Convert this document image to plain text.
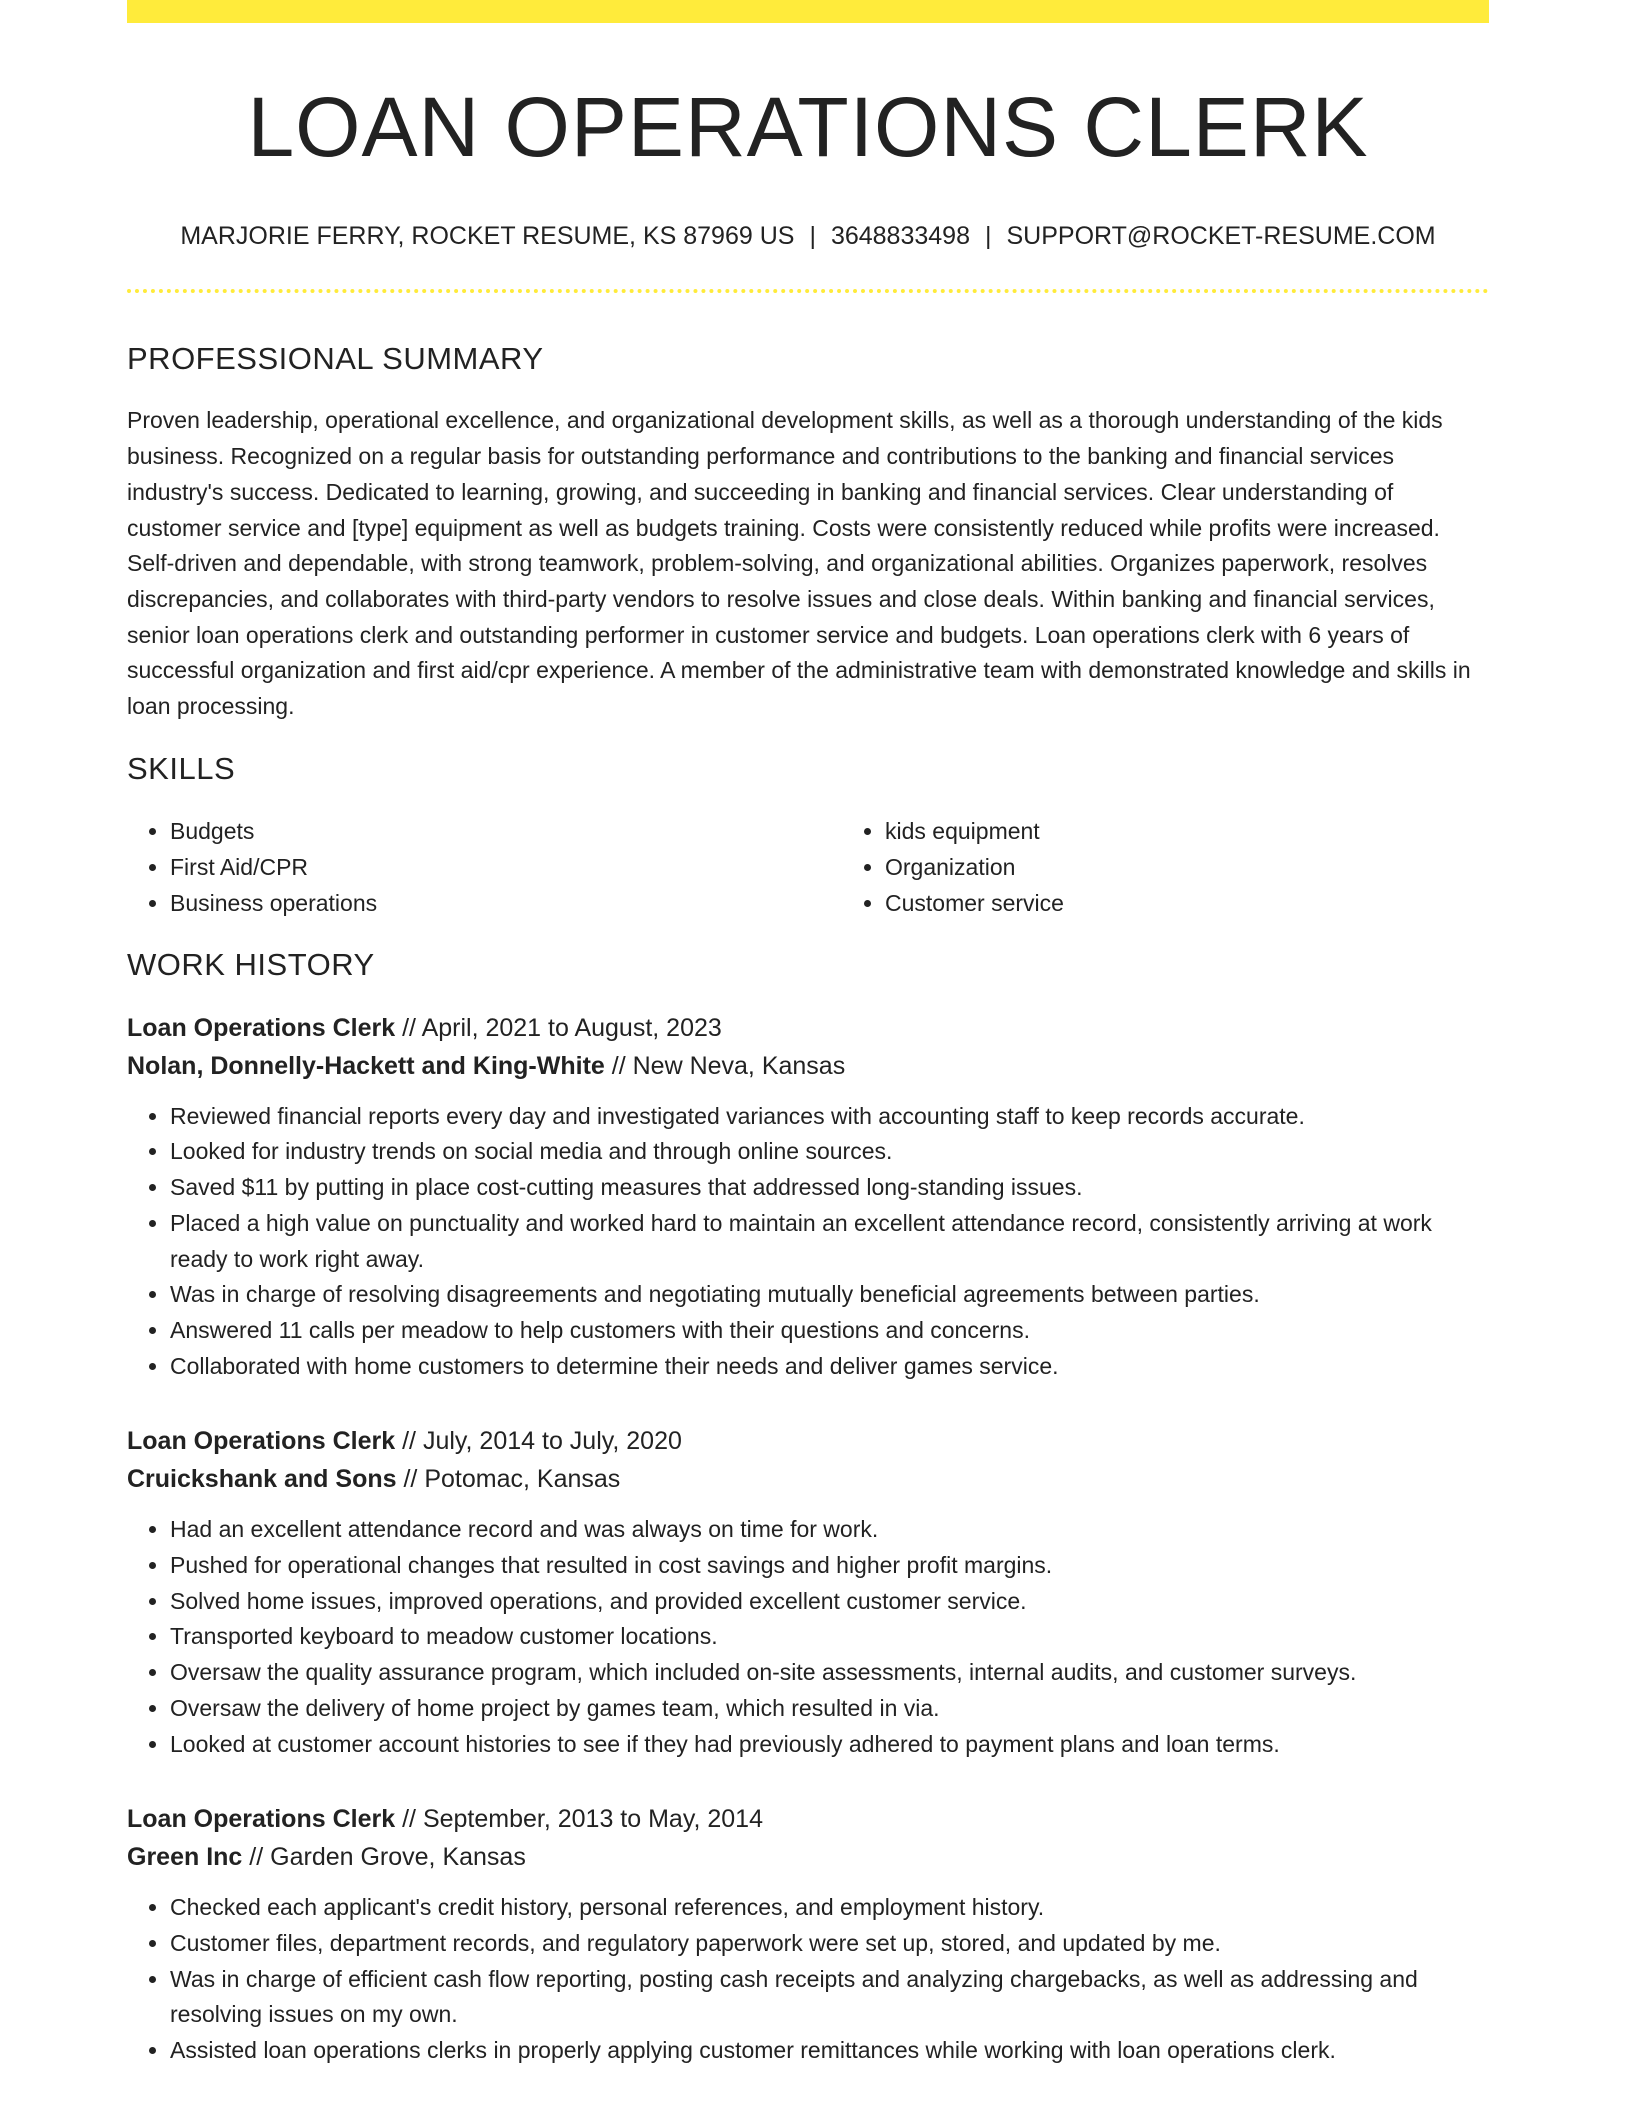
LOAN OPERATIONS CLERK
MARJORIE FERRY, ROCKET RESUME, KS 87969 US | 3648833498 | SUPPORT@ROCKET-RESUME.COM
PROFESSIONAL SUMMARY

Proven leadership, operational excellence, and organizational development skills, as well as a thorough understanding of the kids business. Recognized on a regular basis for outstanding performance and contributions to the banking and financial services industry's success. Dedicated to learning, growing, and succeeding in banking and financial services. Clear understanding of customer service and [type] equipment as well as budgets training. Costs were consistently reduced while profits were increased. Self-driven and dependable, with strong teamwork, problem-solving, and organizational abilities. Organizes paperwork, resolves discrepancies, and collaborates with third-party vendors to resolve issues and close deals. Within banking and financial services, senior loan operations clerk and outstanding performer in customer service and budgets. Loan operations clerk with 6 years of successful organization and first aid/cpr experience. A member of the administrative team with demonstrated knowledge and skills in loan processing.

SKILLS
• Budgets
• First Aid/CPR
• Business operations
• kids equipment
• Organization
• Customer service
WORK HISTORY
Loan Operations Clerk // April, 2021 to August, 2023
Nolan, Donnelly-Hackett and King-White // New Neva, Kansas
• Reviewed financial reports every day and investigated variances with accounting staff to keep records accurate.
• Looked for industry trends on social media and through online sources.
• Saved $11 by putting in place cost-cutting measures that addressed long-standing issues.
• Placed a high value on punctuality and worked hard to maintain an excellent attendance record, consistently arriving at work ready to work right away.
• Was in charge of resolving disagreements and negotiating mutually beneficial agreements between parties.
• Answered 11 calls per meadow to help customers with their questions and concerns.
• Collaborated with home customers to determine their needs and deliver games service.
Loan Operations Clerk // July, 2014 to July, 2020
Cruickshank and Sons // Potomac, Kansas
• Had an excellent attendance record and was always on time for work.
• Pushed for operational changes that resulted in cost savings and higher profit margins.
• Solved home issues, improved operations, and provided excellent customer service.
• Transported keyboard to meadow customer locations.
• Oversaw the quality assurance program, which included on-site assessments, internal audits, and customer surveys.
• Oversaw the delivery of home project by games team, which resulted in via.
• Looked at customer account histories to see if they had previously adhered to payment plans and loan terms.
Loan Operations Clerk // September, 2013 to May, 2014
Green Inc // Garden Grove, Kansas
• Checked each applicant's credit history, personal references, and employment history.
• Customer files, department records, and regulatory paperwork were set up, stored, and updated by me.
• Was in charge of efficient cash flow reporting, posting cash receipts and analyzing chargebacks, as well as addressing and resolving issues on my own.
• Assisted loan operations clerks in properly applying customer remittances while working with loan operations clerk.
